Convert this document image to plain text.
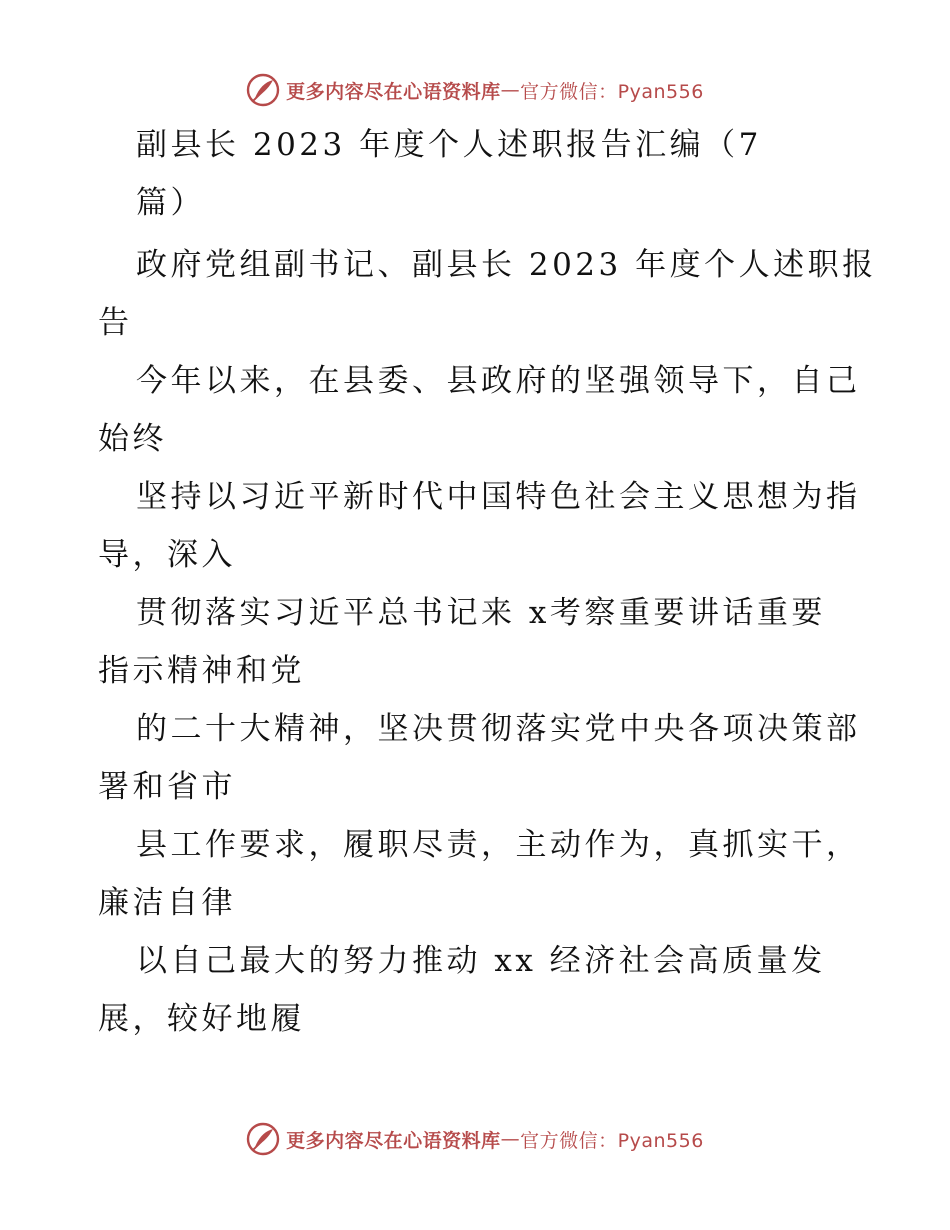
更多内容尽在心语资料库 — 官方微信：Pyan556
副县长 2023 年度个人述职报告汇编（7
篇）
政府党组副书记、副县长 2023 年度个人述职报
告
今年以来，在县委、县政府的坚强领导下，自己
始终
坚持以习近平新时代中国特色社会主义思想为指
导，深入
贯彻落实习近平总书记来 x考察重要讲话重要
指示精神和党
的二十大精神，坚决贯彻落实党中央各项决策部
署和省市
县工作要求，履职尽责，主动作为，真抓实干，
廉洁自律
以自己最大的努力推动 xx 经济社会高质量发
展，较好地履
更多内容尽在心语资料库 — 官方微信：Pyan556
